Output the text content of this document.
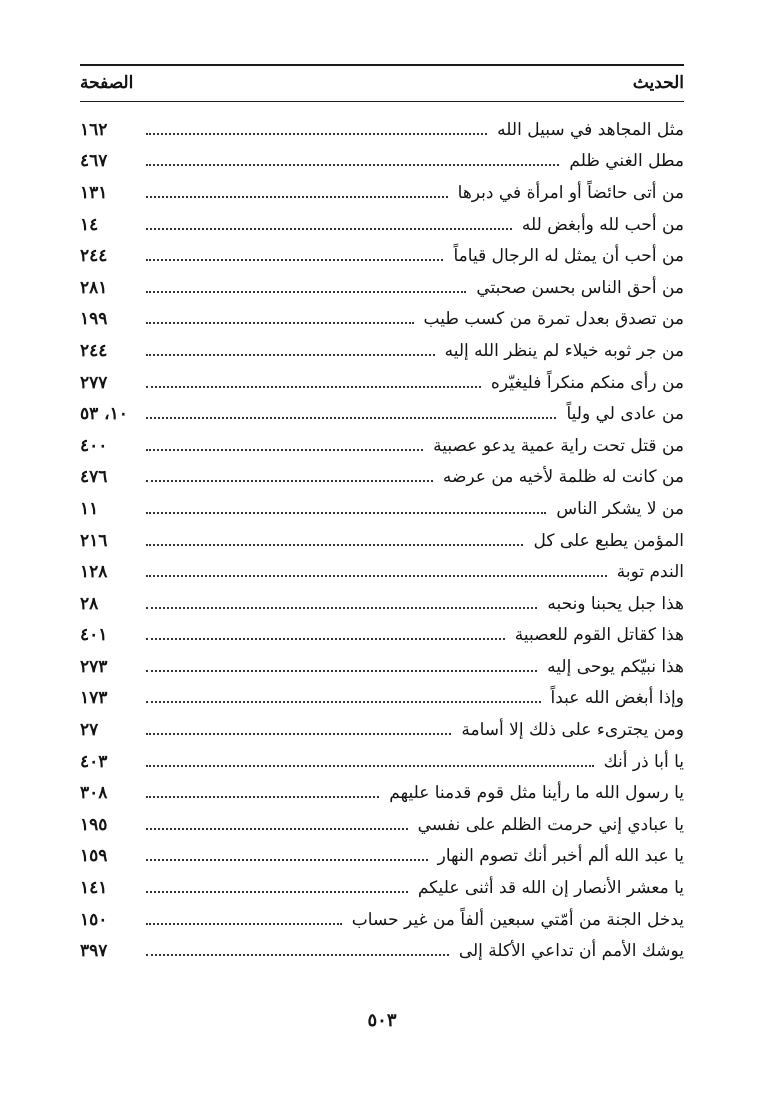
الحديث
الصفحة
مثل المجاهد في سبيل الله
١٦٢
مطل الغني ظلم
٤٦٧
من أتى حائضاً أو امرأة في دبرها
١٣١
من أحب لله وأبغض لله
١٤
من أحب أن يمثل له الرجال قياماً
٢٤٤
من أحق الناس بحسن صحبتي
٢٨١
من تصدق بعدل تمرة من كسب طيب
١٩٩
من جر ثوبه خيلاء لم ينظر الله إليه
٢٤٤
من رأى منكم منكراً فليغيّره
٢٧٧
من عادى لي ولياً
١٠، ٥٣
من قتل تحت راية عمية يدعو عصبية
٤٠٠
من كانت له ظلمة لأخيه من عرضه
٤٧٦
من لا يشكر الناس
١١
المؤمن يطبع على كل
٢١٦
الندم توبة
١٢٨
هذا جبل يحبنا ونحبه
٢٨
هذا كقاتل القوم للعصبية
٤٠١
هذا نبيّكم يوحى إليه
٢٧٣
وإذا أبغض الله عبداً
١٧٣
ومن يجترىء على ذلك إلا أسامة
٢٧
يا أبا ذر أنك
٤٠٣
يا رسول الله ما رأينا مثل قوم قدمنا عليهم
٣٠٨
يا عبادي إني حرمت الظلم على نفسي
١٩٥
يا عبد الله ألم أخبر أنك تصوم النهار
١٥٩
يا معشر الأنصار إن الله قد أثنى عليكم
١٤١
يدخل الجنة من أمّتي سبعين ألفاً من غير حساب
١٥٠
يوشك الأمم أن تداعي الأكلة إلى
٣٩٧
٥٠٣
